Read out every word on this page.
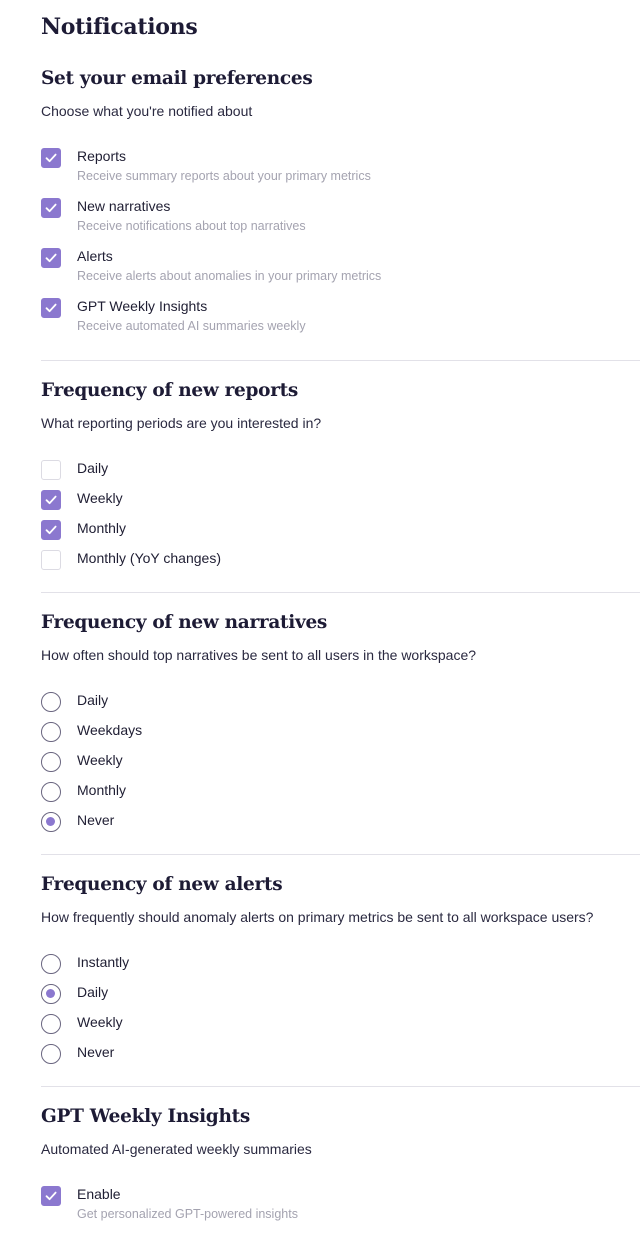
Notifications
Set your email preferences
Choose what you're notified about
Reports
Receive summary reports about your primary metrics
New narratives
Receive notifications about top narratives
Alerts
Receive alerts about anomalies in your primary metrics
GPT Weekly Insights
Receive automated AI summaries weekly
Frequency of new reports
What reporting periods are you interested in?
Daily
Weekly
Monthly
Monthly (YoY changes)
Frequency of new narratives
How often should top narratives be sent to all users in the workspace?
Daily
Weekdays
Weekly
Monthly
Never
Frequency of new alerts
How frequently should anomaly alerts on primary metrics be sent to all workspace users?
Instantly
Daily
Weekly
Never
GPT Weekly Insights
Automated AI-generated weekly summaries
Enable
Get personalized GPT-powered insights
